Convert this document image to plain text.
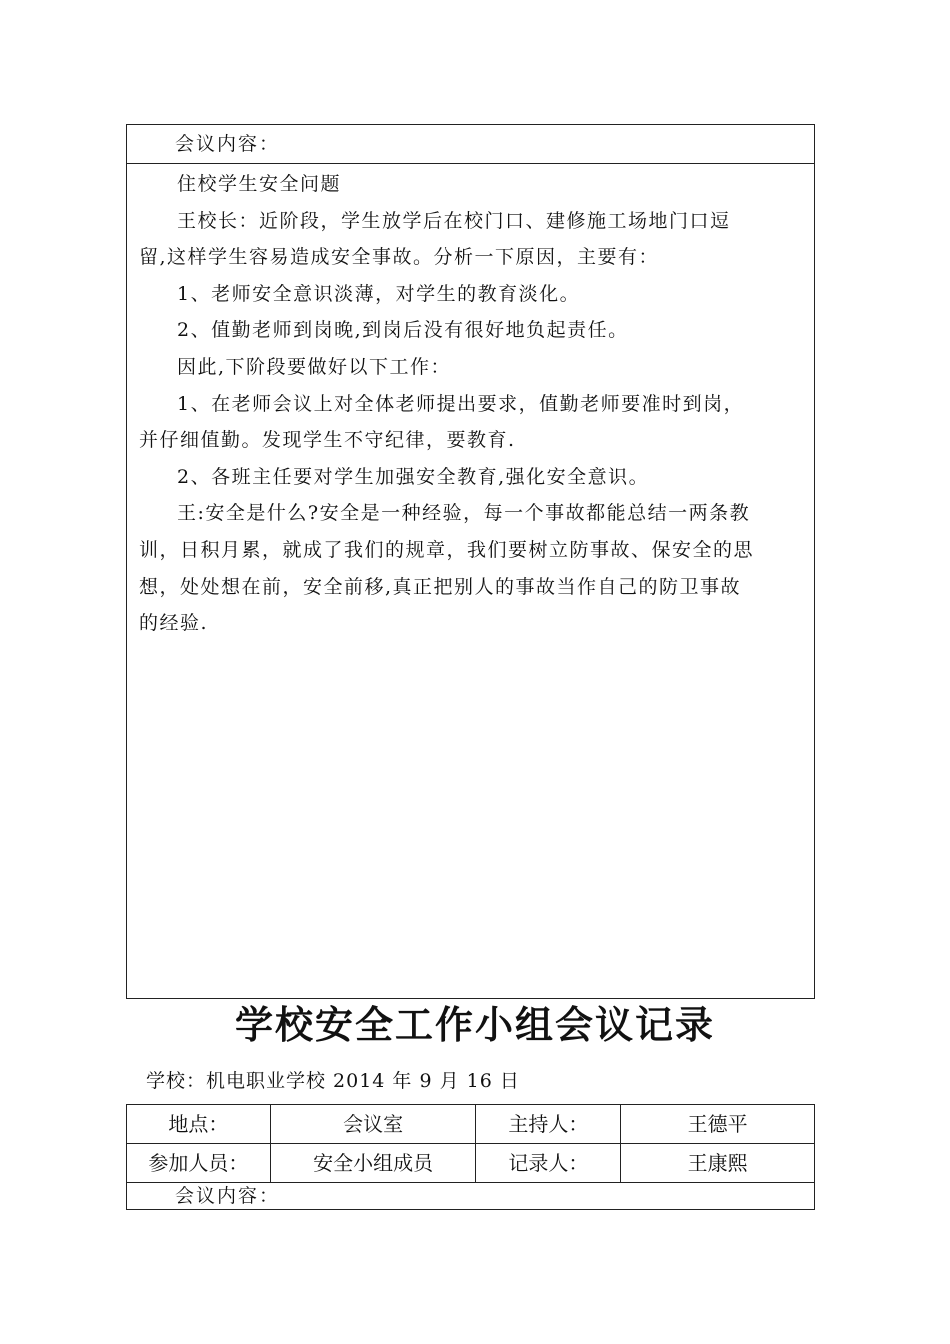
会议内容：

住校学生安全问题

王校长：近阶段，学生放学后在校门口、建修施工场地门口逗

留,这样学生容易造成安全事故。分析一下原因，主要有：

1、老师安全意识淡薄，对学生的教育淡化。

2、值勤老师到岗晚,到岗后没有很好地负起责任。

因此,下阶段要做好以下工作：

1、在老师会议上对全体老师提出要求，值勤老师要准时到岗，

并仔细值勤。发现学生不守纪律，要教育.

2、各班主任要对学生加强安全教育,强化安全意识。

王:安全是什么?安全是一种经验，每一个事故都能总结一两条教

训，日积月累，就成了我们的规章，我们要树立防事故、保安全的思

想，处处想在前，安全前移,真正把别人的事故当作自己的防卫事故

的经验.

学校安全工作小组会议记录
学校：机电职业学校 2014 年 9 月 16 日
地点：	会议室	主持人：	王德平
参加人员：	安全小组成员	记录人：	王康熙
会议内容：			
